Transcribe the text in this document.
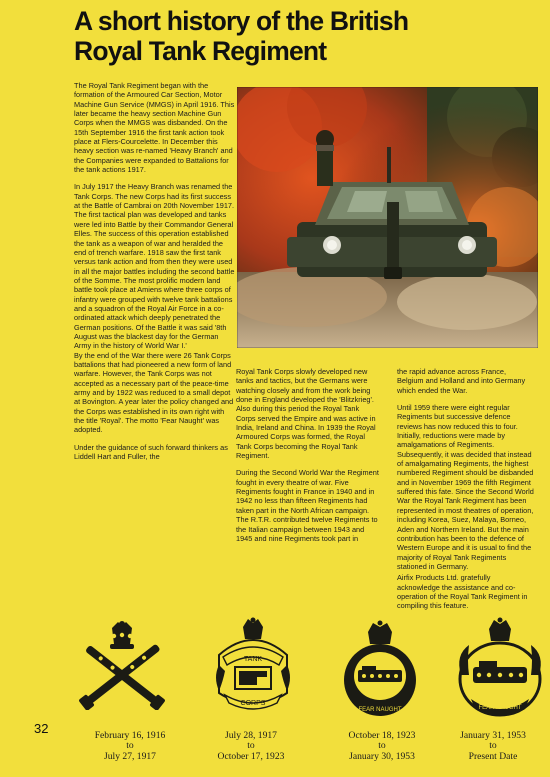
A short history of the British
Royal Tank Regiment

The Royal Tank Regiment began with the formation of the Armoured Car Section, Motor Machine Gun Service (MMGS) in April 1916. This later became the heavy section Machine Gun Corps when the MMGS was disbanded. On the 15th September 1916 the first tank action took place at Flers-Courcelette. In December this heavy section was re-named 'Heavy Branch' and the Companies were expanded to Battalions for the tank actions 1917.

In July 1917 the Heavy Branch was renamed the Tank Corps. The new Corps had its first success at the Battle of Cambrai on 20th November 1917. The first tactical plan was developed and tanks were led into Battle by their Commandor General Elles. The success of this operation established the tank as a weapon of war and heralded the end of trench warfare. 1918 saw the first tank versus tank action and from then they were used in all the major battles including the second battle of the Somme. The most prolific modern land battle took place at Amiens where three corps of infantry were grouped with twelve tank battalions and a squadron of the Royal Air Force in a co-ordinated attack which deeply penetrated the German positions. Of the Battle it was said '8th August was the blackest day for the German Army in the history of World War I.'

By the end of the War there were 26 Tank Corps battalions that had pioneered a new form of land warfare. However, the Tank Corps was not accepted as a necessary part of the peace-time army and by 1922 was reduced to a small depot at Bovington. A year later the policy changed and the Corps was established in its own right with the title 'Royal'. The motto 'Fear Naught' was adopted.

Under the guidance of such forward thinkers as Liddell Hart and Fuller, the

Royal Tank Corps slowly developed new tanks and tactics, but the Germans were watching closely and from the work being done in England developed the 'Blitzkrieg'. Also during this period the Royal Tank Corps served the Empire and was active in India, Ireland and China. In 1939 the Royal Armoured Corps was formed, the Royal Tank Corps becoming the Royal Tank Regiment.

During the Second World War the Regiment fought in every theatre of war. Five Regiments fought in France in 1940 and in 1942 no less than fifteen Regiments had taken part in the North African campaign. The R.T.R. contributed twelve Regiments to the Italian campaign between 1943 and 1945 and nine Regiments took part in

the rapid advance across France, Belgium and Holland and into Germany which ended the War.

Until 1959 there were eight regular Regiments but successive defence reviews has now reduced this to four. Initially, reductions were made by amalgamations of Regiments. Subsequently, it was decided that instead of amalgamating Regiments, the highest numbered Regiment should be disbanded and in November 1969 the fifth Regiment suffered this fate. Since the Second World War the Royal Tank Regiment has been represented in most theatres of operation, including Korea, Suez, Malaya, Borneo, Aden and Northern Ireland. But the main contribution has been to the defence of Western Europe and it is usual to find the majority of Royal Tank Regiments stationed in Germany.

Airfix Products Ltd. gratefully acknowledge the assistance and co-operation of the Royal Tank Regiment in compiling this feature.

TANK
CORPS
FEAR NAUGHT	FEAR NAUGHT
32	February 16, 1916
to
July 27, 1917
July 28, 1917
to
October 17, 1923
October 18, 1923
to
January 30, 1953
January 31, 1953
to
Present Date
